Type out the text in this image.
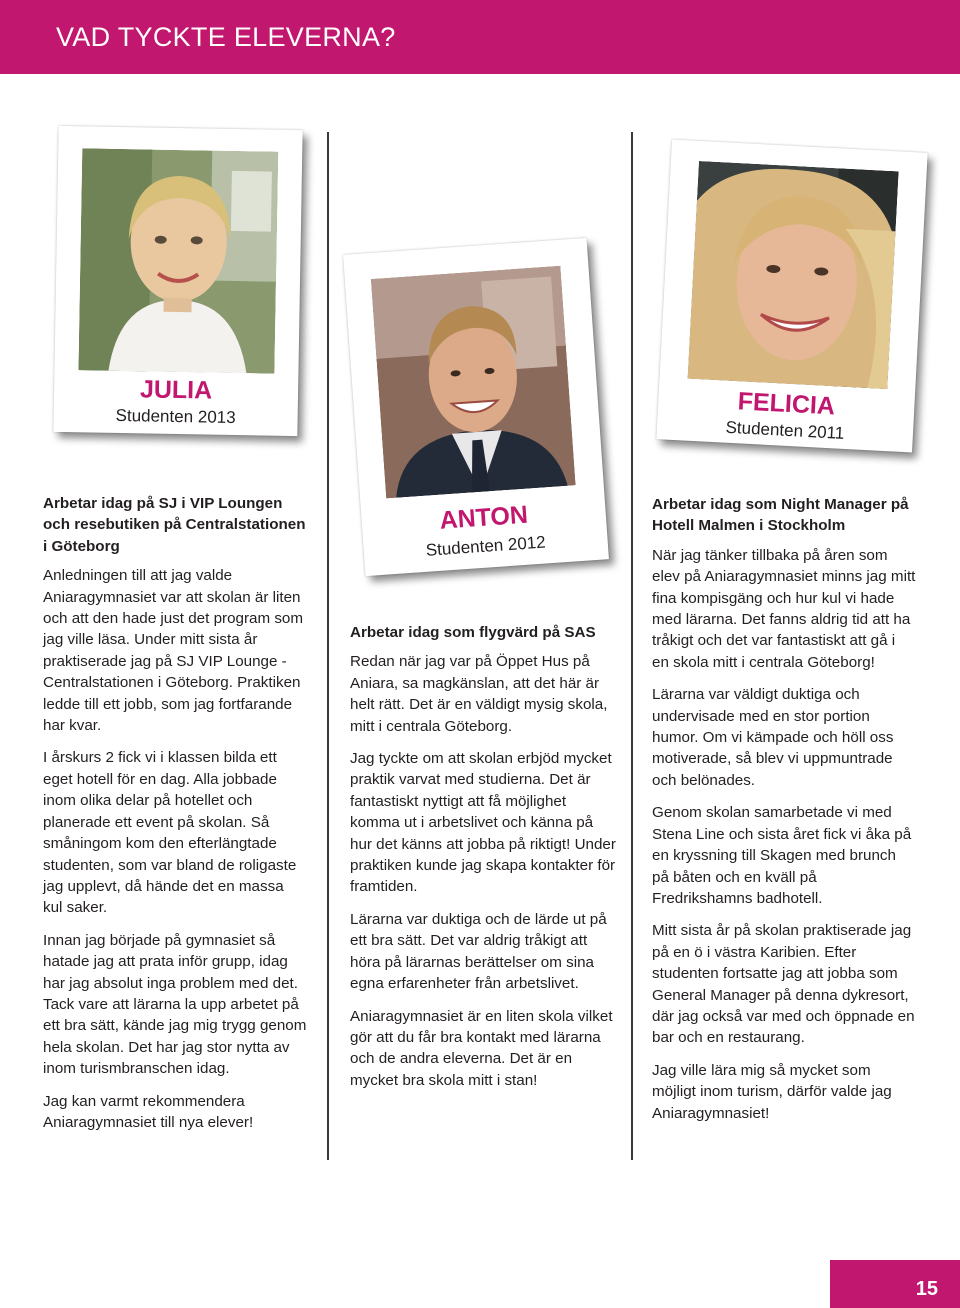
VAD TYCKTE ELEVERNA?
JULIA
Studenten 2013
ANTON
Studenten 2012
FELICIA
Studenten 2011
Arbetar idag på SJ i VIP Loungen och resebutiken på Centralstationen i Göteborg

Anledningen till att jag valde Aniaragymnasiet var att skolan är liten och att den hade just det program som jag ville läsa. Under mitt sista år praktiserade jag på SJ VIP Lounge - Centralstationen i Göteborg. Praktiken ledde till ett jobb, som jag fortfarande har kvar.

I årskurs 2 fick vi i klassen bilda ett eget hotell för en dag. Alla jobbade inom olika delar på hotellet och planerade ett event på skolan. Så småningom kom den efterlängtade studenten, som var bland de roligaste jag upplevt, då hände det en massa kul saker.

Innan jag började på gymnasiet så hatade jag att prata inför grupp, idag har jag absolut inga problem med det. Tack vare att lärarna la upp arbetet på ett bra sätt, kände jag mig trygg genom hela skolan. Det har jag stor nytta av inom turismbranschen idag.

Jag kan varmt rekommendera Aniaragymnasiet till nya elever!

Arbetar idag som flygvärd på SAS

Redan när jag var på Öppet Hus på Aniara, sa magkänslan, att det här är helt rätt. Det är en väldigt mysig skola, mitt i centrala Göteborg.

Jag tyckte om att skolan erbjöd mycket praktik varvat med studierna. Det är fantastiskt nyttigt att få möjlighet komma ut i arbetslivet och känna på hur det känns att jobba på riktigt! Under praktiken kunde jag skapa kontakter för framtiden.

Lärarna var duktiga och de lärde ut på ett bra sätt. Det var aldrig tråkigt att höra på lärarnas berättelser om sina egna erfarenheter från arbetslivet.

Aniaragymnasiet är en liten skola vilket gör att du får bra kontakt med lärarna och de andra eleverna. Det är en mycket bra skola mitt i stan!

Arbetar idag som Night Manager på Hotell Malmen i Stockholm

När jag tänker tillbaka på åren som elev på Aniaragymnasiet minns jag mitt fina kompisgäng och hur kul vi hade med lärarna. Det fanns aldrig tid att ha tråkigt och det var fantastiskt att gå i en skola mitt i centrala Göteborg!

Lärarna var väldigt duktiga och undervisade med en stor portion humor. Om vi kämpade och höll oss motiverade, så blev vi uppmuntrade och belönades.

Genom skolan samarbetade vi med Stena Line och sista året fick vi åka på en kryssning till Skagen med brunch på båten och en kväll på Fredrikshamns badhotell.

Mitt sista år på skolan praktiserade jag på en ö i västra Karibien. Efter studenten fortsatte jag att jobba som General Manager på denna dykresort, där jag också var med och öppnade en bar och en restaurang.

Jag ville lära mig så mycket som möjligt inom turism, därför valde jag Aniaragymnasiet!

15
